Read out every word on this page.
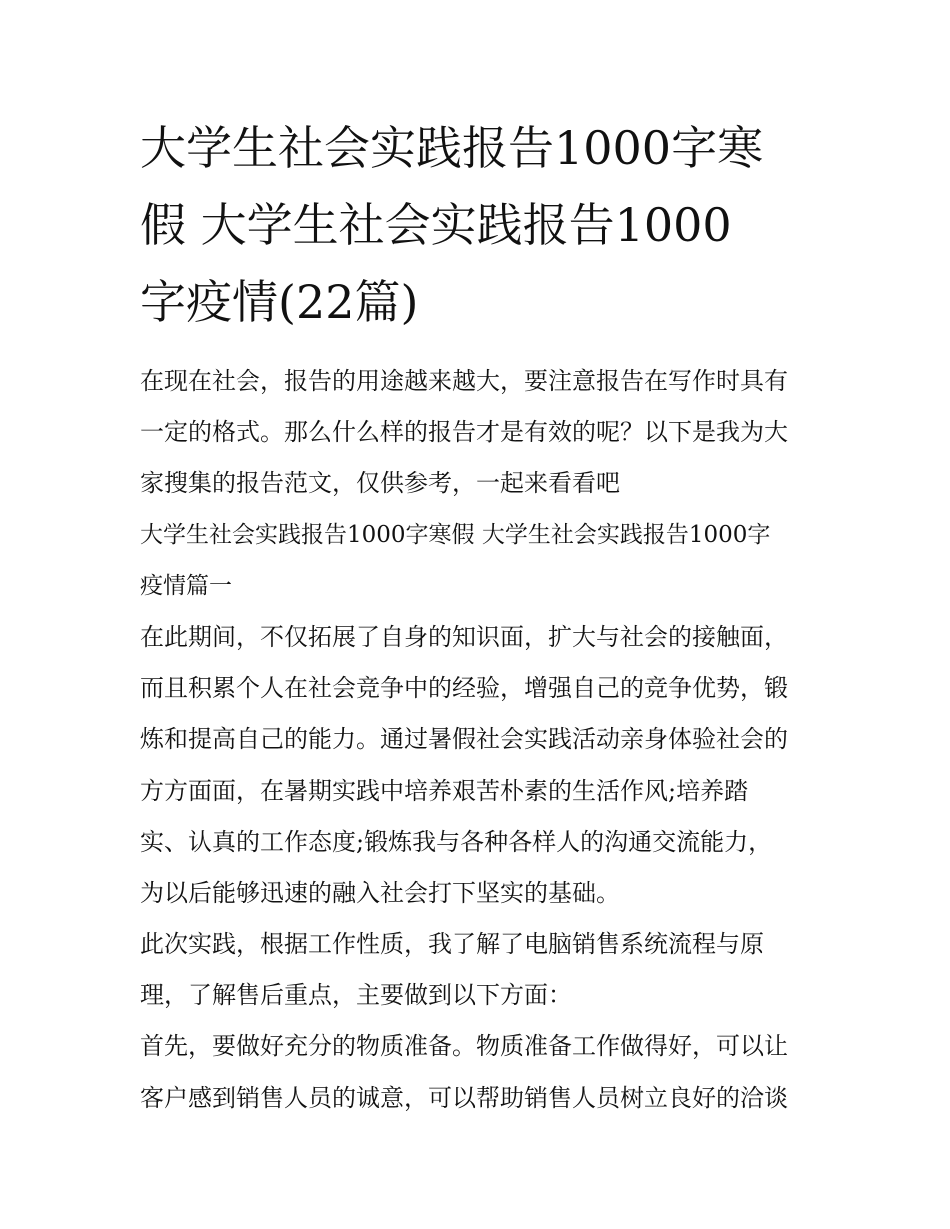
大学生社会实践报告1000字寒
假 大学生社会实践报告1000
字疫情(22篇)
在现在社会，报告的用途越来越大，要注意报告在写作时具有
一定的格式。那么什么样的报告才是有效的呢？以下是我为大
家搜集的报告范文，仅供参考，一起来看看吧
大学生社会实践报告1000字寒假 大学生社会实践报告1000字
疫情篇一
在此期间，不仅拓展了自身的知识面，扩大与社会的接触面，
而且积累个人在社会竞争中的经验，增强自己的竞争优势，锻
炼和提高自己的能力。通过暑假社会实践活动亲身体验社会的
方方面面，在暑期实践中培养艰苦朴素的生活作风;培养踏
实、认真的工作态度;锻炼我与各种各样人的沟通交流能力，
为以后能够迅速的融入社会打下坚实的基础。
此次实践，根据工作性质，我了解了电脑销售系统流程与原
理，了解售后重点，主要做到以下方面：
首先，要做好充分的物质准备。物质准备工作做得好，可以让
客户感到销售人员的诚意，可以帮助销售人员树立良好的洽谈
